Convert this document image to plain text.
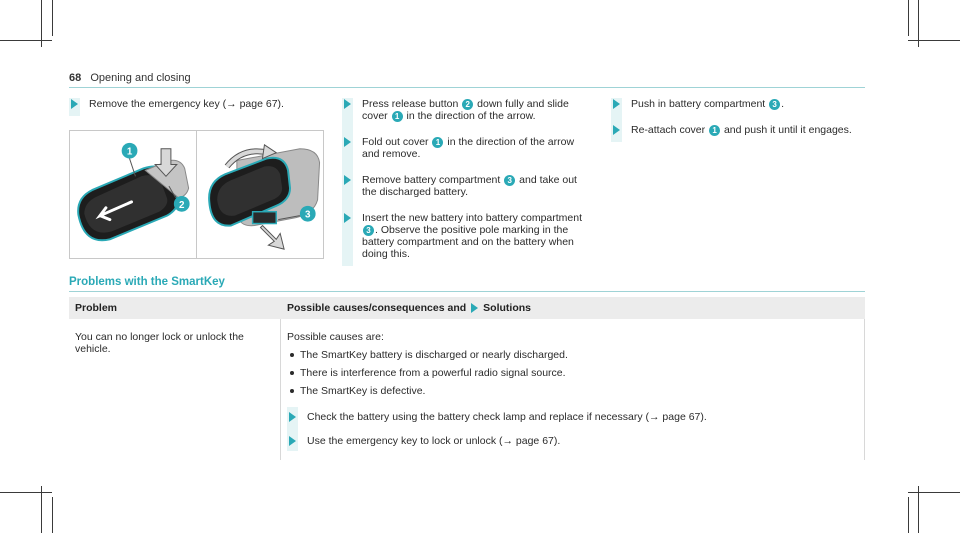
68 Opening and closing
Remove the emergency key (→ page 67).
1
2
3
Press release button 2 down fully and slide cover 1 in the direction of the arrow.
Fold out cover 1 in the direction of the arrow and remove.
Remove battery compartment 3 and take out the discharged battery.
Insert the new battery into battery compartment 3 . Observe the positive pole marking in the battery compartment and on the battery when doing this.
Push in battery compartment 3 .
Re-attach cover 1 and push it until it engages.
Problems with the SmartKey
Problem	Possible causes/consequences and Solutions
You can no longer lock or unlock the vehicle.
Possible causes are:
The SmartKey battery is discharged or nearly discharged.
There is interference from a powerful radio signal source.
The SmartKey is defective.
Check the battery using the battery check lamp and replace if necessary (→ page 67).
Use the emergency key to lock or unlock (→ page 67).
